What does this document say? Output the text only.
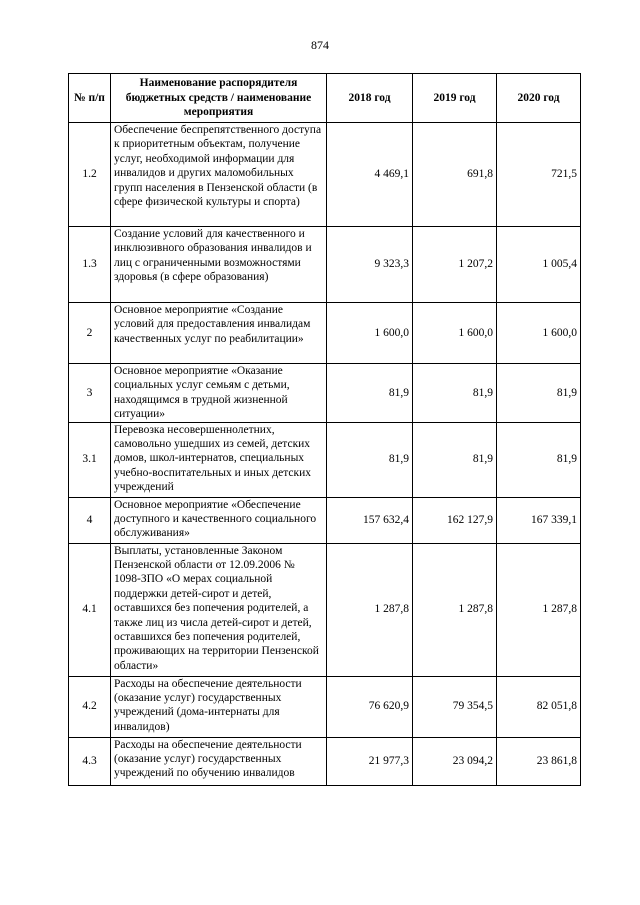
874
№ п/п	Наименование распорядителя бюджетных средств / наименование мероприятия	2018 год	2019 год	2020 год
1.2	Обеспечение беспрепятственного доступа к приоритетным объектам, получение услуг, необходимой информации для инвалидов и других маломобильных групп населения в Пензенской области (в сфере физической культуры и спорта)	4 469,1	691,8	721,5
1.3	Создание условий для качественного и инклюзивного образования инвалидов и лиц с ограниченными возможностями здоровья (в сфере образования)	9 323,3	1 207,2	1 005,4
2	Основное мероприятие «Создание условий для предоставления инвалидам качественных услуг по реабилитации»	1 600,0	1 600,0	1 600,0
3	Основное мероприятие «Оказание социальных услуг семьям с детьми, находящимся в трудной жизненной ситуации»	81,9	81,9	81,9
3.1	Перевозка несовершеннолетних, самовольно ушедших из семей, детских домов, школ-интернатов, специальных учебно-воспитательных и иных детских учреждений	81,9	81,9	81,9
4	Основное мероприятие «Обеспечение доступного и качественного социального обслуживания»	157 632,4	162 127,9	167 339,1
4.1	Выплаты, установленные Законом Пензенской области от 12.09.2006 № 1098-ЗПО «О мерах социальной поддержки детей-сирот и детей, оставшихся без попечения родителей, а также лиц из числа детей-сирот и детей, оставшихся без попечения родителей, проживающих на территории Пензенской области»	1 287,8	1 287,8	1 287,8
4.2	Расходы на обеспечение деятельности (оказание услуг) государственных учреждений (дома-интернаты для инвалидов)	76 620,9	79 354,5	82 051,8
4.3	Расходы на обеспечение деятельности (оказание услуг) государственных учреждений по обучению инвалидов	21 977,3	23 094,2	23 861,8
